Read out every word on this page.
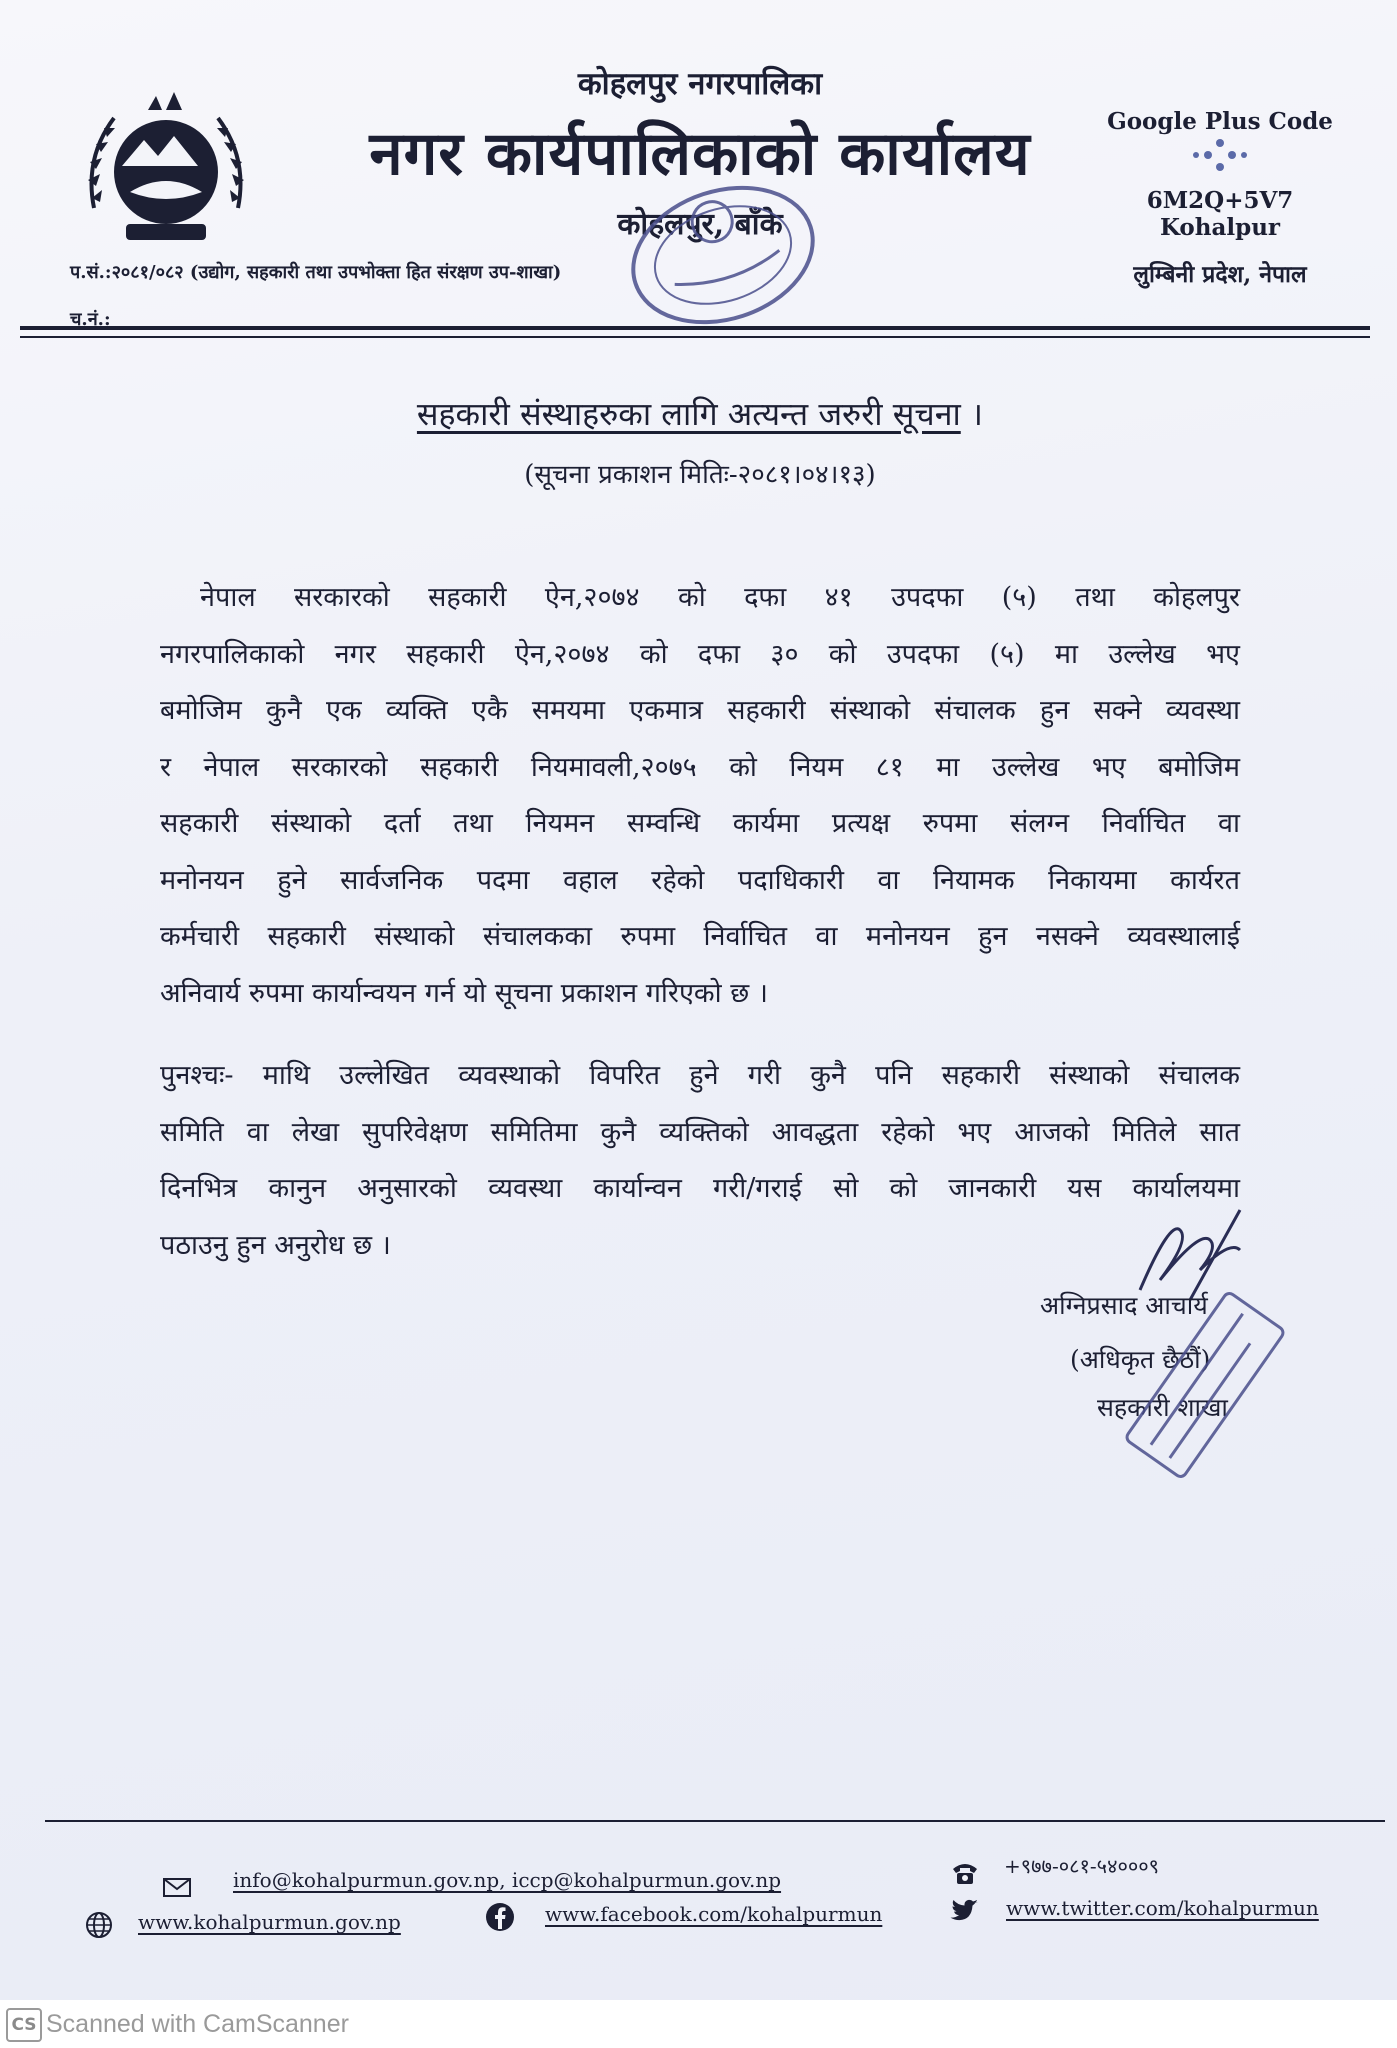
कोहलपुर नगरपालिका
नगर कार्यपालिकाको कार्यालय
कोहलपुर, बाँके
प.सं.:२०८१/०८२ (उद्योग, सहकारी तथा उपभोक्ता हित संरक्षण उप-शाखा)
च.नं.:
Google Plus Code
6M2Q+5V7 Kohalpur
लुम्बिनी प्रदेश, नेपाल
सहकारी संस्थाहरुका लागि अत्यन्त जरुरी सूचना ।
(सूचना प्रकाशन मितिः-२०८१।०४।१३)

नेपाल सरकारको सहकारी ऐन,२०७४ को दफा ४१ उपदफा (५) तथा कोहलपुर

नगरपालिकाको नगर सहकारी ऐन,२०७४ को दफा ३० को उपदफा (५) मा उल्लेख भए

बमोजिम कुनै एक व्यक्ति एकै समयमा एकमात्र सहकारी संस्थाको संचालक हुन सक्ने व्यवस्था

र नेपाल सरकारको सहकारी नियमावली,२०७५ को नियम ८१ मा उल्लेख भए बमोजिम

सहकारी संस्थाको दर्ता तथा नियमन सम्वन्धि कार्यमा प्रत्यक्ष रुपमा संलग्न निर्वाचित वा

मनोनयन हुने सार्वजनिक पदमा वहाल रहेको पदाधिकारी वा नियामक निकायमा कार्यरत

कर्मचारी सहकारी संस्थाको संचालकका रुपमा निर्वाचित वा मनोनयन हुन नसक्ने व्यवस्थालाई

अनिवार्य रुपमा कार्यान्वयन गर्न यो सूचना प्रकाशन गरिएको छ ।

पुनश्चः- माथि उल्लेखित व्यवस्थाको विपरित हुने गरी कुनै पनि सहकारी संस्थाको संचालक

समिति वा लेखा सुपरिवेक्षण समितिमा कुनै व्यक्तिको आवद्धता रहेको भए आजको मितिले सात

दिनभित्र कानुन अनुसारको व्यवस्था कार्यान्वन गरी/गराई सो को जानकारी यस कार्यालयमा

पठाउनु हुन अनुरोध छ ।

अग्निप्रसाद आचार्य
(अधिकृत छैठौं)
सहकारी शाखा
info@kohalpurmun.gov.np, iccp@kohalpurmun.gov.np
www.kohalpurmun.gov.np	www.facebook.com/kohalpurmun
+९७७-०८१-५४०००९
www.twitter.com/kohalpurmun
CS Scanned with CamScanner
